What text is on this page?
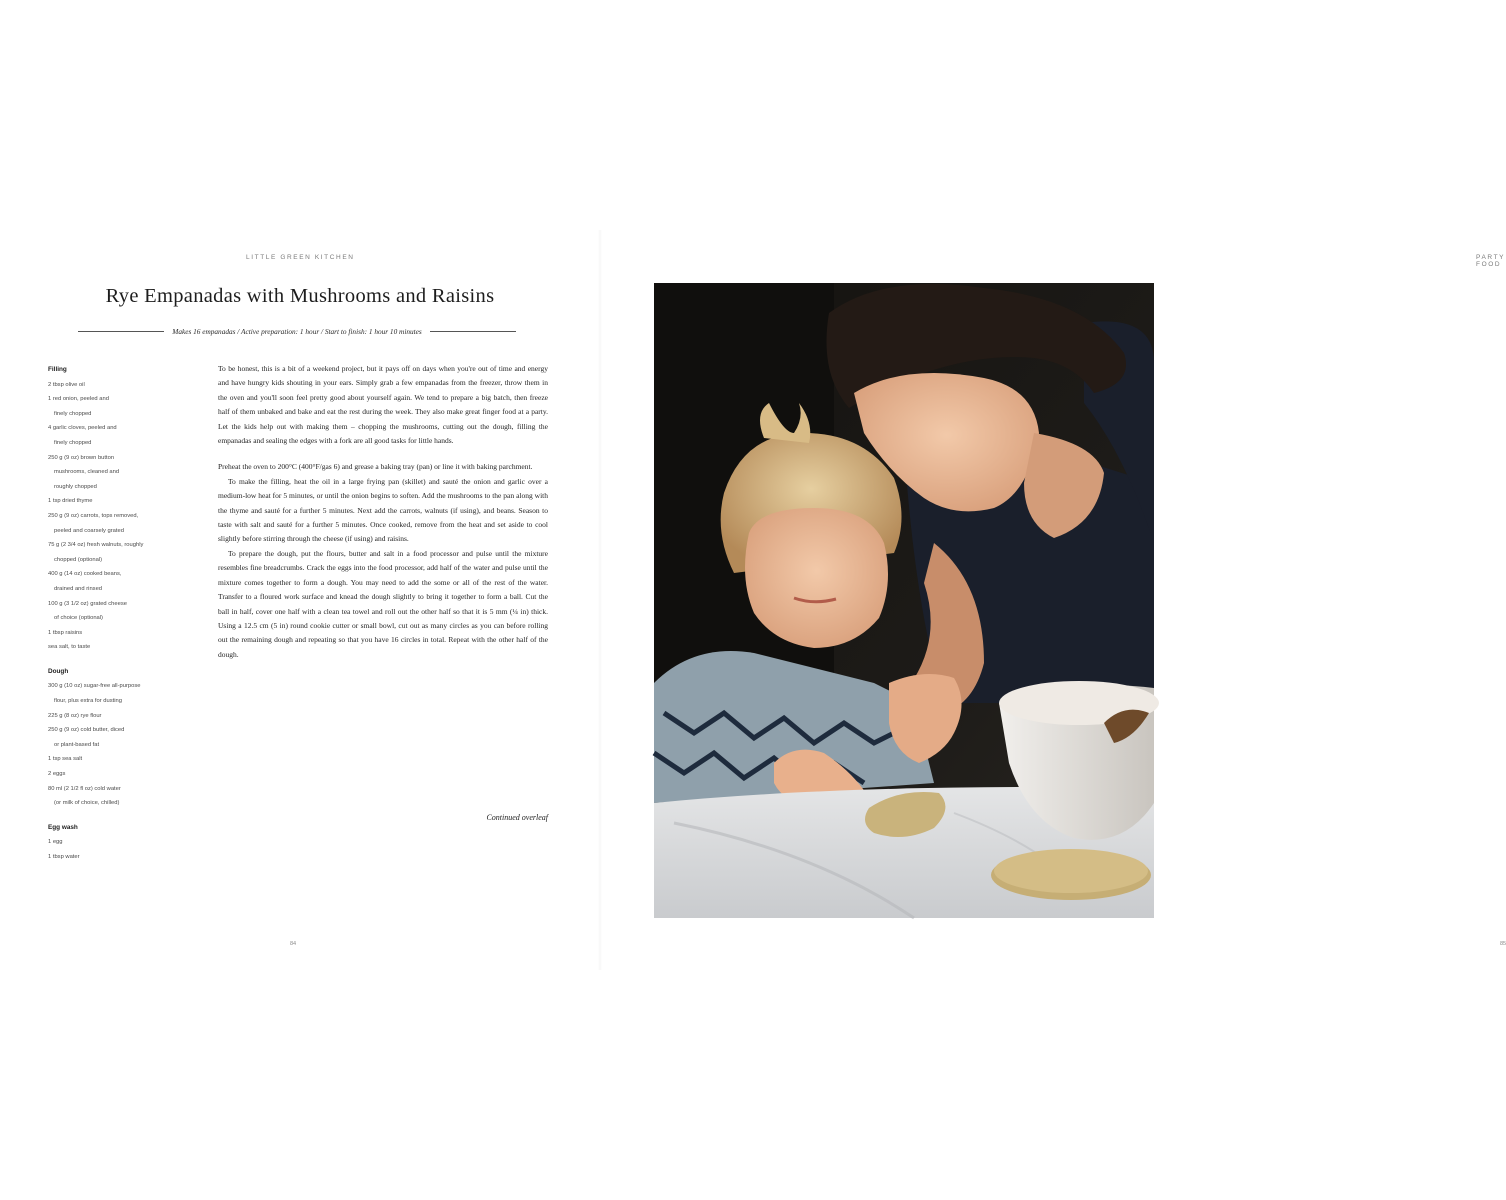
LITTLE GREEN KITCHEN
Rye Empanadas with Mushrooms and Raisins
Makes 16 empanadas / Active preparation: 1 hour / Start to finish: 1 hour 10 minutes
Filling
2 tbsp olive oil
1 red onion, peeled and
finely chopped
4 garlic cloves, peeled and
finely chopped
250 g (9 oz) brown button
mushrooms, cleaned and
roughly chopped
1 tsp dried thyme
250 g (9 oz) carrots, tops removed,
peeled and coarsely grated
75 g (2 3/4 oz) fresh walnuts, roughly
chopped (optional)
400 g (14 oz) cooked beans,
drained and rinsed
100 g (3 1/2 oz) grated cheese
of choice (optional)
1 tbsp raisins
sea salt, to taste
Dough
300 g (10 oz) sugar-free all-purpose
flour, plus extra for dusting
225 g (8 oz) rye flour
250 g (9 oz) cold butter, diced
or plant-based fat
1 tsp sea salt
2 eggs
80 ml (2 1/2 fl oz) cold water
(or milk of choice, chilled)
Egg wash
1 egg
1 tbsp water

To be honest, this is a bit of a weekend project, but it pays off on days when you're out of time and energy and have hungry kids shouting in your ears. Simply grab a few empanadas from the freezer, throw them in the oven and you'll soon feel pretty good about yourself again. We tend to prepare a big batch, then freeze half of them unbaked and bake and eat the rest during the week. They also make great finger food at a party. Let the kids help out with making them – chopping the mushrooms, cutting out the dough, filling the empanadas and sealing the edges with a fork are all good tasks for little hands.

Preheat the oven to 200°C (400°F/gas 6) and grease a baking tray (pan) or line it with baking parchment.

To make the filling, heat the oil in a large frying pan (skillet) and sauté the onion and garlic over a medium-low heat for 5 minutes, or until the onion begins to soften. Add the mushrooms to the pan along with the thyme and sauté for a further 5 minutes. Next add the carrots, walnuts (if using), and beans. Season to taste with salt and sauté for a further 5 minutes. Once cooked, remove from the heat and set aside to cool slightly before stirring through the cheese (if using) and raisins.

To prepare the dough, put the flours, butter and salt in a food processor and pulse until the mixture resembles fine breadcrumbs. Crack the eggs into the food processor, add half of the water and pulse until the mixture comes together to form a dough. You may need to add the some or all of the rest of the water. Transfer to a floured work surface and knead the dough slightly to bring it together to form a ball. Cut the ball in half, cover one half with a clean tea towel and roll out the other half so that it is 5 mm (¼ in) thick. Using a 12.5 cm (5 in) round cookie cutter or small bowl, cut out as many circles as you can before rolling out the remaining dough and repeating so that you have 16 circles in total. Repeat with the other half of the dough.

Continued overleaf
84
PARTY FOOD
85
